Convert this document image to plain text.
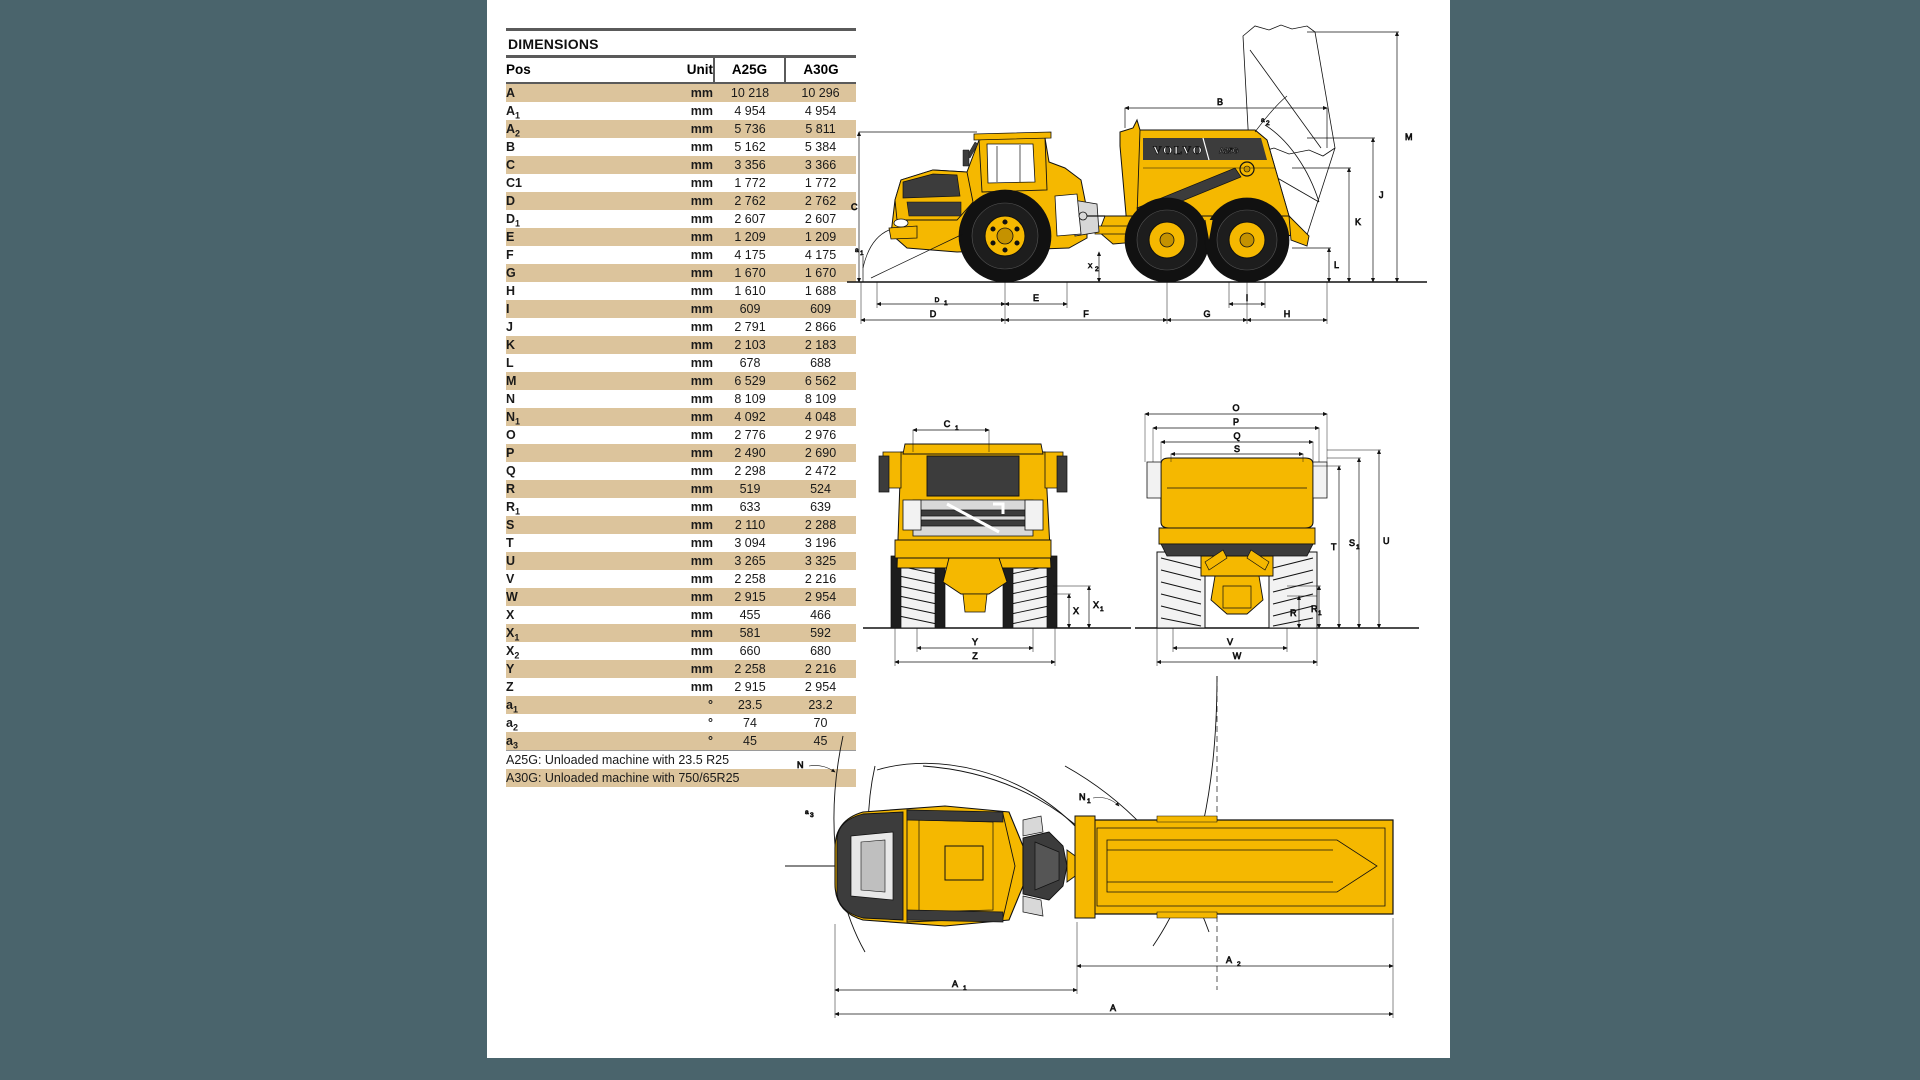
DIMENSIONS
Pos	Unit	A25G	A30G
A	mm	10 218	10 296
$A_1$	mm	4 954	4 954
$A_2$	mm	5 736	5 811
B	mm	5 162	5 384
C	mm	3 356	3 366
C1	mm	1 772	1 772
D	mm	2 762	2 762
$D_1$	mm	2 607	2 607
E	mm	1 209	1 209
F	mm	4 175	4 175
G	mm	1 670	1 670
H	mm	1 610	1 688
I	mm	609	609
J	mm	2 791	2 866
K	mm	2 103	2 183
L	mm	678	688
M	mm	6 529	6 562
N	mm	8 109	8 109
$N_1$	mm	4 092	4 048
O	mm	2 776	2 976
P	mm	2 490	2 690
Q	mm	2 298	2 472
R	mm	519	524
$R_1$	mm	633	639
S	mm	2 110	2 288
T	mm	3 094	3 196
U	mm	3 265	3 325
V	mm	2 258	2 216
W	mm	2 915	2 954
X	mm	455	466
$X_1$	mm	581	592
$X_2$	mm	660	680
Y	mm	2 258	2 216
Z	mm	2 915	2 954
$a_1$	°	23.5	23.2
$a_2$	°	74	70
$a_3$	°	45	45
A25G: Unloaded machine with 23.5 R25
A30G: Unloaded machine with 750/65R25
VOLVO A25G
B
M
J
K
L
C
a 1
a 2
X 2
D 1
E	I
D	F	G	H
C 1
X
X 1
Y
Z
O
P
Q
S
T S 1
U
R R 1
V
W
N
N 1
a 3
A 2
A 1
A
